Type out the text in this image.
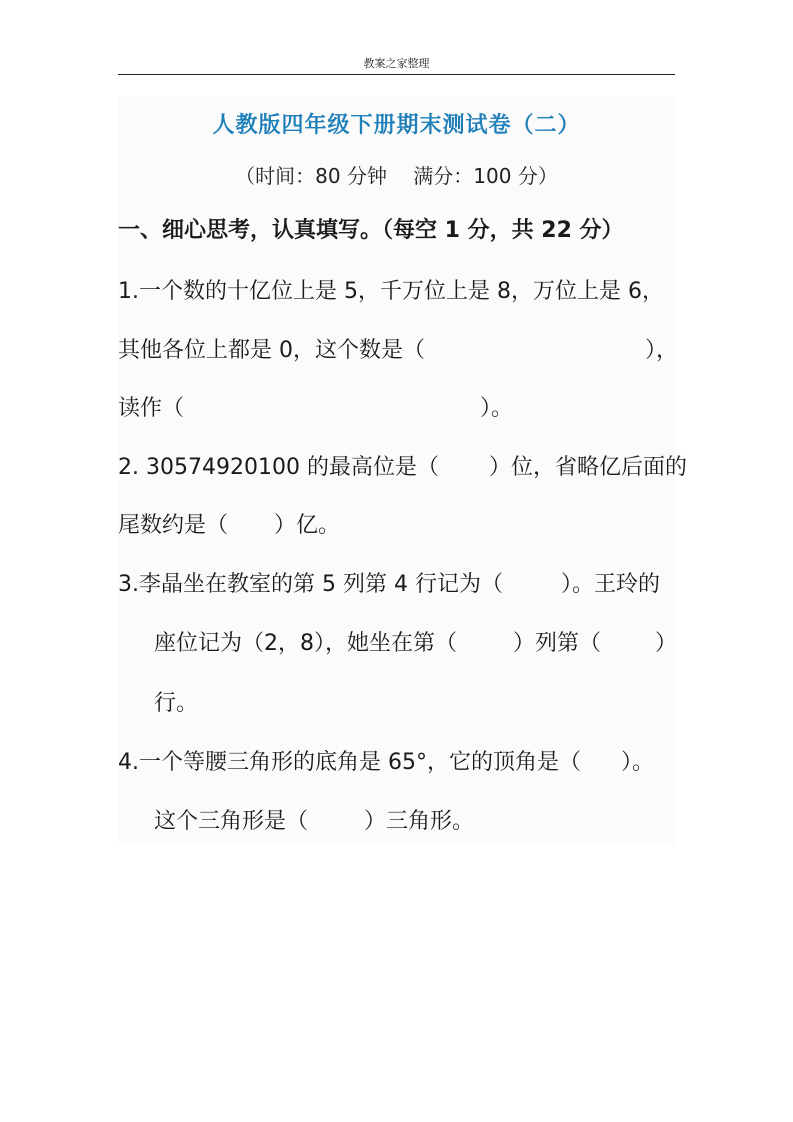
教案之家整理
人教版四年级下册期末测试卷（二）
（时间：80 分钟　 满分：100 分）
一、细心思考，认真填写。（每空 1 分，共 22 分）
1.一个数的十亿位上是 5，千万位上是 8，万位上是 6，
其他各位上都是 0，这个数是（	），
读作（	）。
2. 30574920100 的最高位是（ ）位，省略亿后面的
尾数约是（ ）亿。
3.李晶坐在教室的第 5 列第 4 行记为（	）。王玲的
座位记为（2，8），她坐在第（	）列第（ ）
行。
4.一个等腰三角形的底角是 65°，它的顶角是（ ）。
这个三角形是（	）三角形。
